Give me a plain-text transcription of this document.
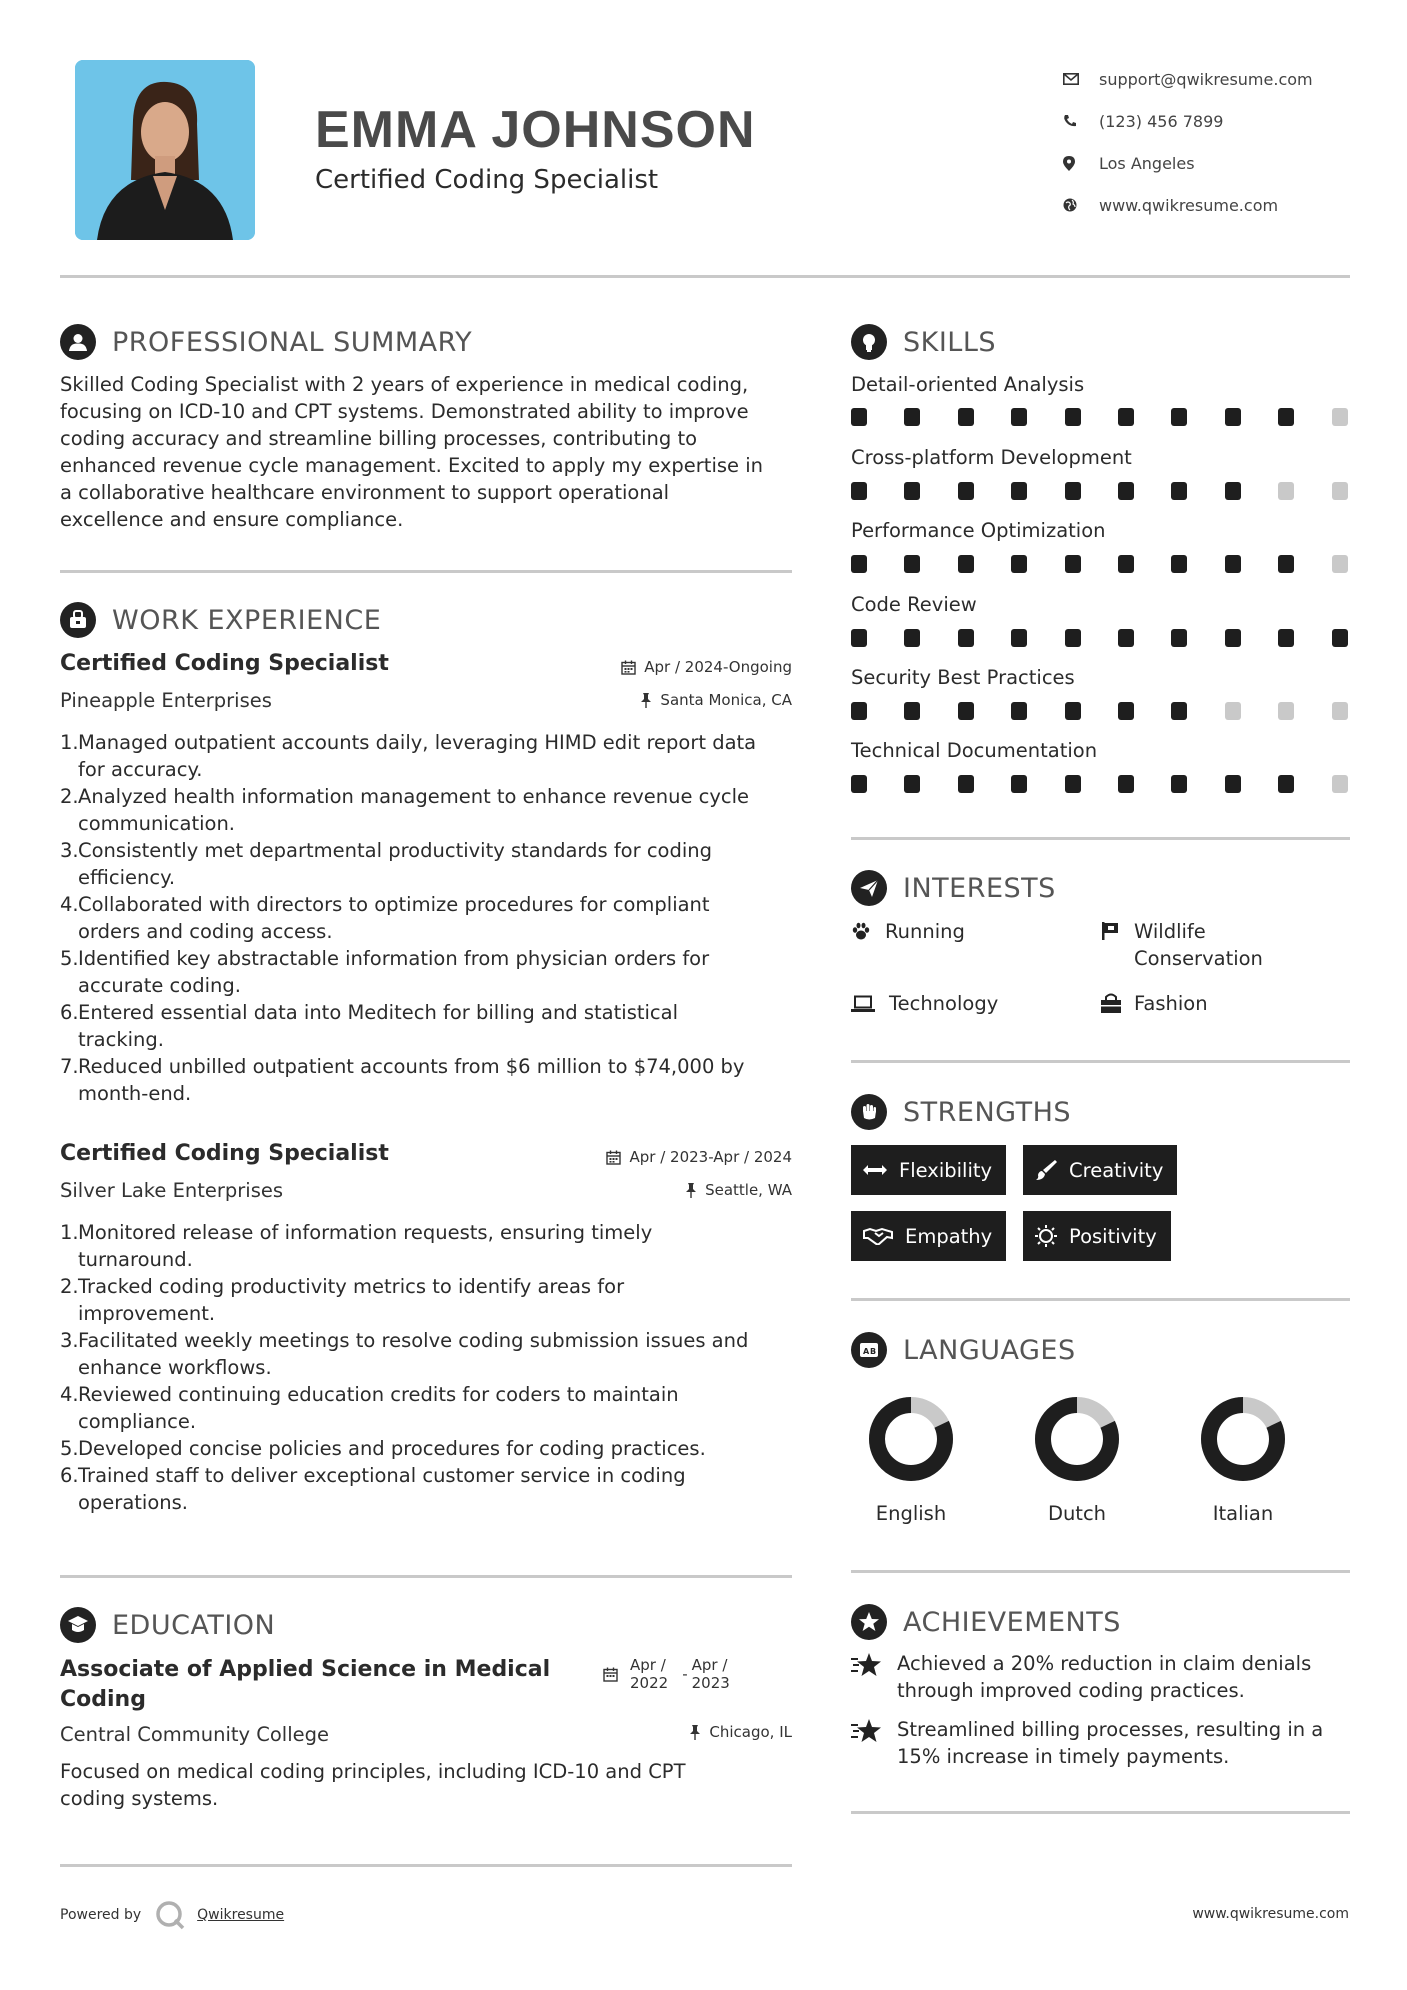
EMMA JOHNSON
Certified Coding Specialist
support@qwikresume.com
(123) 456 7899
Los Angeles
www.qwikresume.com
PROFESSIONAL SUMMARY
Skilled Coding Specialist with 2 years of experience in medical coding,
focusing on ICD-10 and CPT systems. Demonstrated ability to improve
coding accuracy and streamline billing processes, contributing to
enhanced revenue cycle management. Excited to apply my expertise in
a collaborative healthcare environment to support operational
excellence and ensure compliance.
WORK EXPERIENCE
Certified Coding Specialist	Apr / 2024-Ongoing
Pineapple Enterprises	Santa Monica, CA
1. Managed outpatient accounts daily, leveraging HIMD edit report data
for accuracy.
2. Analyzed health information management to enhance revenue cycle
communication.
3. Consistently met departmental productivity standards for coding
efficiency.
4. Collaborated with directors to optimize procedures for compliant
orders and coding access.
5. Identified key abstractable information from physician orders for
accurate coding.
6. Entered essential data into Meditech for billing and statistical
tracking.
7. Reduced unbilled outpatient accounts from $6 million to $74,000 by
month-end.
Certified Coding Specialist	Apr / 2023-Apr / 2024
Silver Lake Enterprises	Seattle, WA
1. Monitored release of information requests, ensuring timely
turnaround.
2. Tracked coding productivity metrics to identify areas for
improvement.
3. Facilitated weekly meetings to resolve coding submission issues and
enhance workflows.
4. Reviewed continuing education credits for coders to maintain
compliance.
5. Developed concise policies and procedures for coding practices.
6. Trained staff to deliver exceptional customer service in coding
operations.
EDUCATION
Associate of Applied Science in Medical
Coding
Apr /
2022 - Apr /
2023
Central Community College	Chicago, IL
Focused on medical coding principles, including ICD-10 and CPT
coding systems.
SKILLS
Detail-oriented Analysis
Cross-platform Development
Performance Optimization
Code Review
Security Best Practices
Technical Documentation
INTERESTS
Running	Wildlife
Conservation
Technology	Fashion
STRENGTHS
Flexibility	Creativity
Empathy	Positivity
A B LANGUAGES
English	Dutch	Italian
ACHIEVEMENTS
Achieved a 20% reduction in claim denials
through improved coding practices.
Streamlined billing processes, resulting in a
15% increase in timely payments.
Powered by	Qwikresume	www.qwikresume.com
